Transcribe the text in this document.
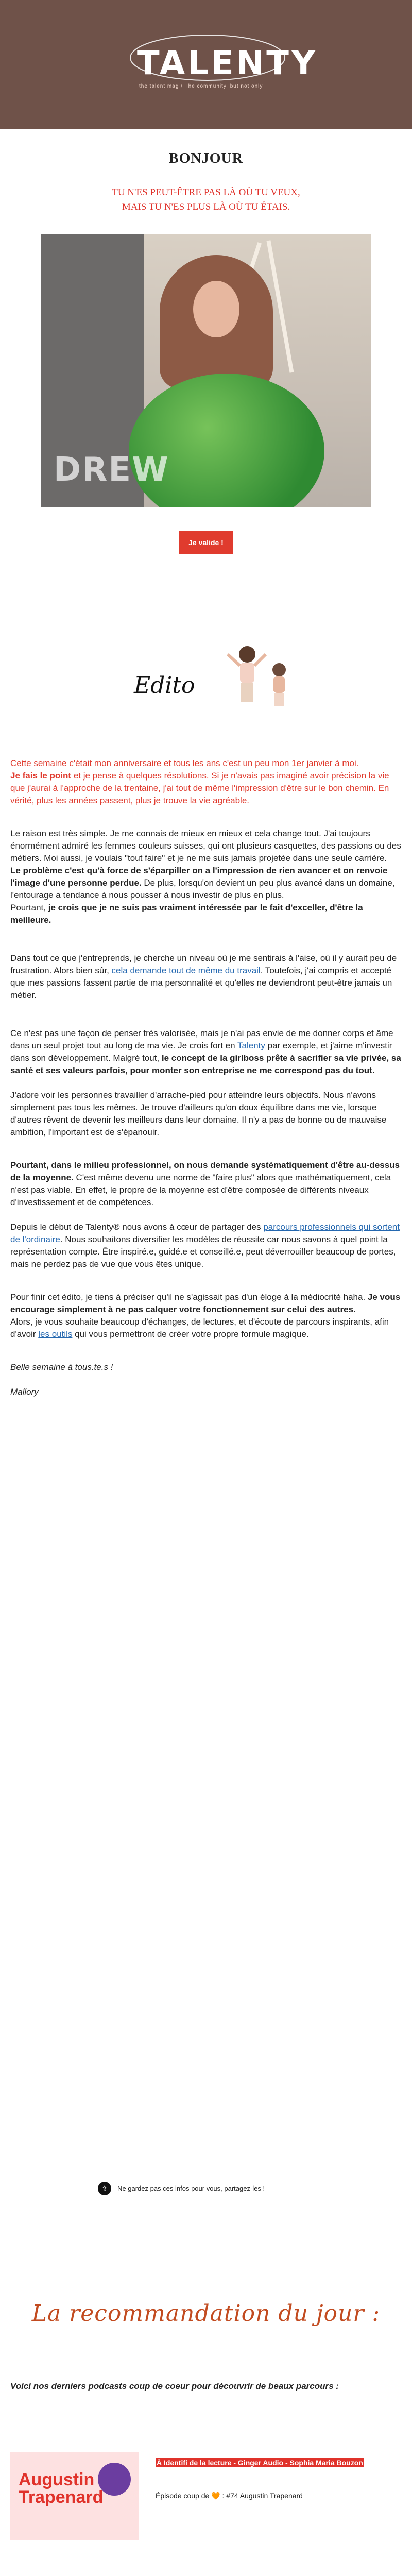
TALENTY
the talent mag / The community, but not only
BONJOUR
TU N'ES PEUT-ÊTRE PAS LÀ OÙ TU VEUX,
MAIS TU N'ES PLUS LÀ OÙ TU ÉTAIS.
DREW
Je valide !
Edito

Cette semaine c'était mon anniversaire et tous les ans c'est un peu mon 1er janvier à moi.
Je fais le point et je pense à quelques résolutions. Si je n'avais pas imaginé avoir précision la vie que j'aurai à l'approche de la trentaine, j'ai tout de même l'impression d'être sur le bon chemin. En vérité, plus les années passent, plus je trouve la vie agréable.

Le raison est très simple. Je me connais de mieux en mieux et cela change tout. J'ai toujours énormément admiré les femmes couleurs suisses, qui ont plusieurs casquettes, des passions ou des métiers. Moi aussi, je voulais "tout faire" et je ne me suis jamais projetée dans une seule carrière.
Le problème c'est qu'à force de s'éparpiller on a l'impression de rien avancer et on renvoie l'image d'une personne perdue. De plus, lorsqu'on devient un peu plus avancé dans un domaine, l'entourage a tendance à nous pousser à nous investir de plus en plus.
Pourtant, je crois que je ne suis pas vraiment intéressée par le fait d'exceller, d'être la meilleure.

Dans tout ce que j'entreprends, je cherche un niveau où je me sentirais à l'aise, où il y aurait peu de frustration. Alors bien sûr, cela demande tout de même du travail. Toutefois, j'ai compris et accepté que mes passions fassent partie de ma personnalité et qu'elles ne deviendront peut-être jamais un métier.

Ce n'est pas une façon de penser très valorisée, mais je n'ai pas envie de me donner corps et âme dans un seul projet tout au long de ma vie. Je crois fort en Talenty par exemple, et j'aime m'investir dans son développement. Malgré tout, le concept de la girlboss prête à sacrifier sa vie privée, sa santé et ses valeurs parfois, pour monter son entreprise ne me correspond pas du tout.

J'adore voir les personnes travailler d'arrache-pied pour atteindre leurs objectifs. Nous n'avons simplement pas tous les mêmes. Je trouve d'ailleurs qu'on doux équilibre dans me vie, lorsque d'autres rêvent de devenir les meilleurs dans leur domaine. Il n'y a pas de bonne ou de mauvaise ambition, l'important est de s'épanouir.

Pourtant, dans le milieu professionnel, on nous demande systématiquement d'être au-dessus de la moyenne. C'est même devenu une norme de "faire plus" alors que mathématiquement, cela n'est pas viable. En effet, le propre de la moyenne est d'être composée de différents niveaux d'investissement et de compétences.

Depuis le début de Talenty® nous avons à cœur de partager des parcours professionnels qui sortent de l'ordinaire. Nous souhaitons diversifier les modèles de réussite car nous savons à quel point la représentation compte. Être inspiré.e, guidé.e et conseillé.e, peut déverrouiller beaucoup de portes, mais ne perdez pas de vue que vous êtes unique.

Pour finir cet édito, je tiens à préciser qu'il ne s'agissait pas d'un éloge à la médiocrité haha. Je vous encourage simplement à ne pas calquer votre fonctionnement sur celui des autres.
Alors, je vous souhaite beaucoup d'échanges, de lectures, et d'écoute de parcours inspirants, afin d'avoir les outils qui vous permettront de créer votre propre formule magique.

Belle semaine à tous.te.s !

Mallory

⇪	Ne gardez pas ces infos pour vous, partagez-les !
La recommandation du jour :
Voici nos derniers podcasts coup de coeur pour découvrir de beaux parcours :
Augustin Trapenard
À Identifi de la lecture - Ginger Audio - Sophia Maria Bouzon
Épisode coup de 🧡 : #74 Augustin Trapenard
